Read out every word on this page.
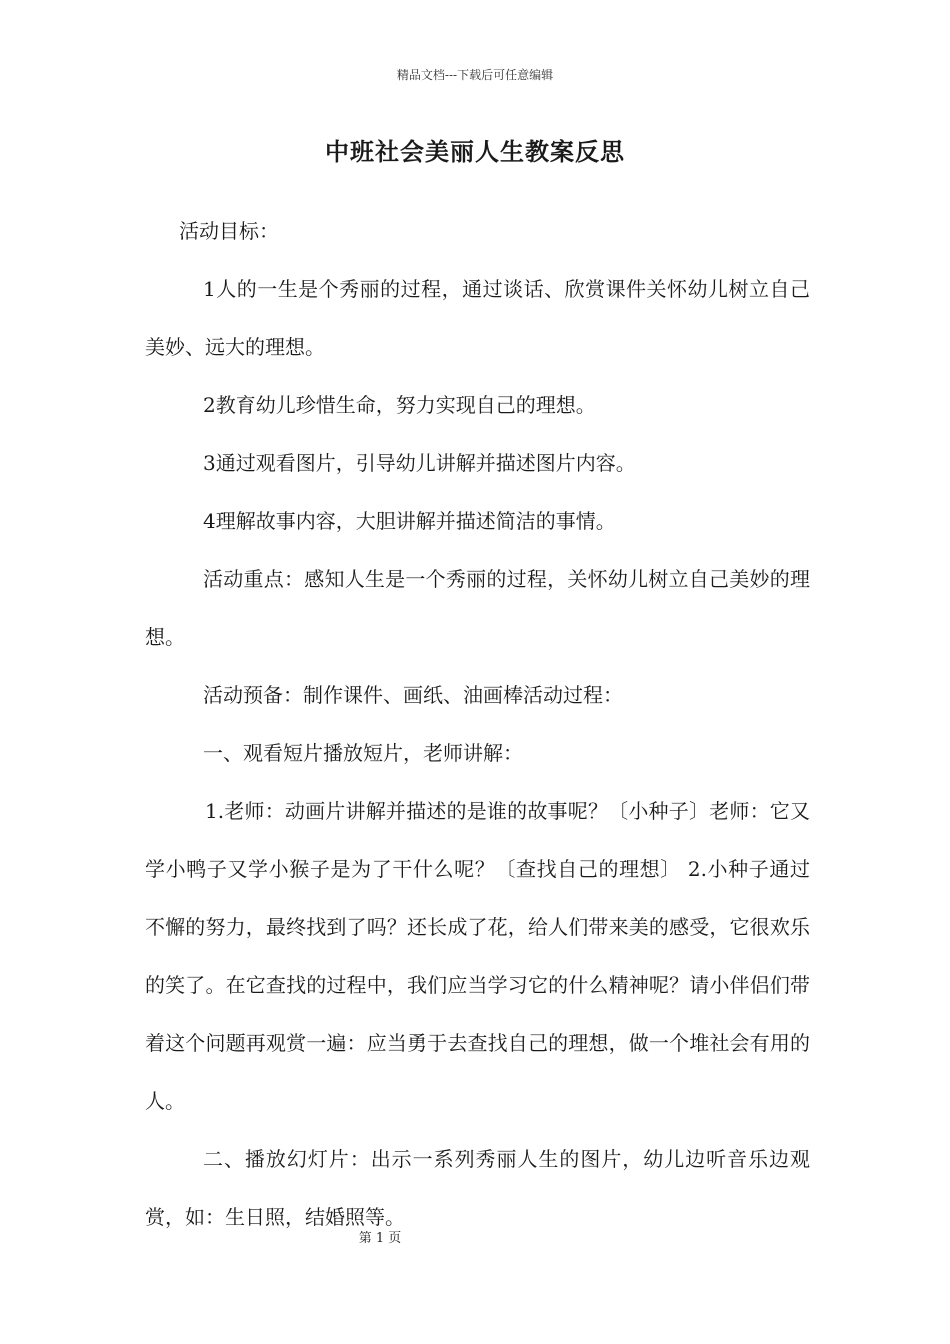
精品文档---下载后可任意编辑
中班社会美丽人生教案反思

活动目标：

1人的一生是个秀丽的过程，通过谈话、欣赏课件关怀幼儿树立自己美妙、远大的理想。

2教育幼儿珍惜生命，努力实现自己的理想。

3通过观看图片，引导幼儿讲解并描述图片内容。

4理解故事内容，大胆讲解并描述简洁的事情。

活动重点：感知人生是一个秀丽的过程，关怀幼儿树立自己美妙的理想。

活动预备：制作课件、画纸、油画棒活动过程：

一、观看短片播放短片，老师讲解：

1.老师：动画片讲解并描述的是谁的故事呢？〔小种子〕老师：它又学小鸭子又学小猴子是为了干什么呢？〔查找自己的理想〕 2.小种子通过不懈的努力，最终找到了吗？还长成了花，给人们带来美的感受，它很欢乐的笑了。在它查找的过程中，我们应当学习它的什么精神呢？请小伴侣们带着这个问题再观赏一遍：应当勇于去查找自己的理想，做一个堆社会有用的人。

二、播放幻灯片：出示一系列秀丽人生的图片，幼儿边听音乐边观赏，如：生日照，结婚照等。

第 1 页
